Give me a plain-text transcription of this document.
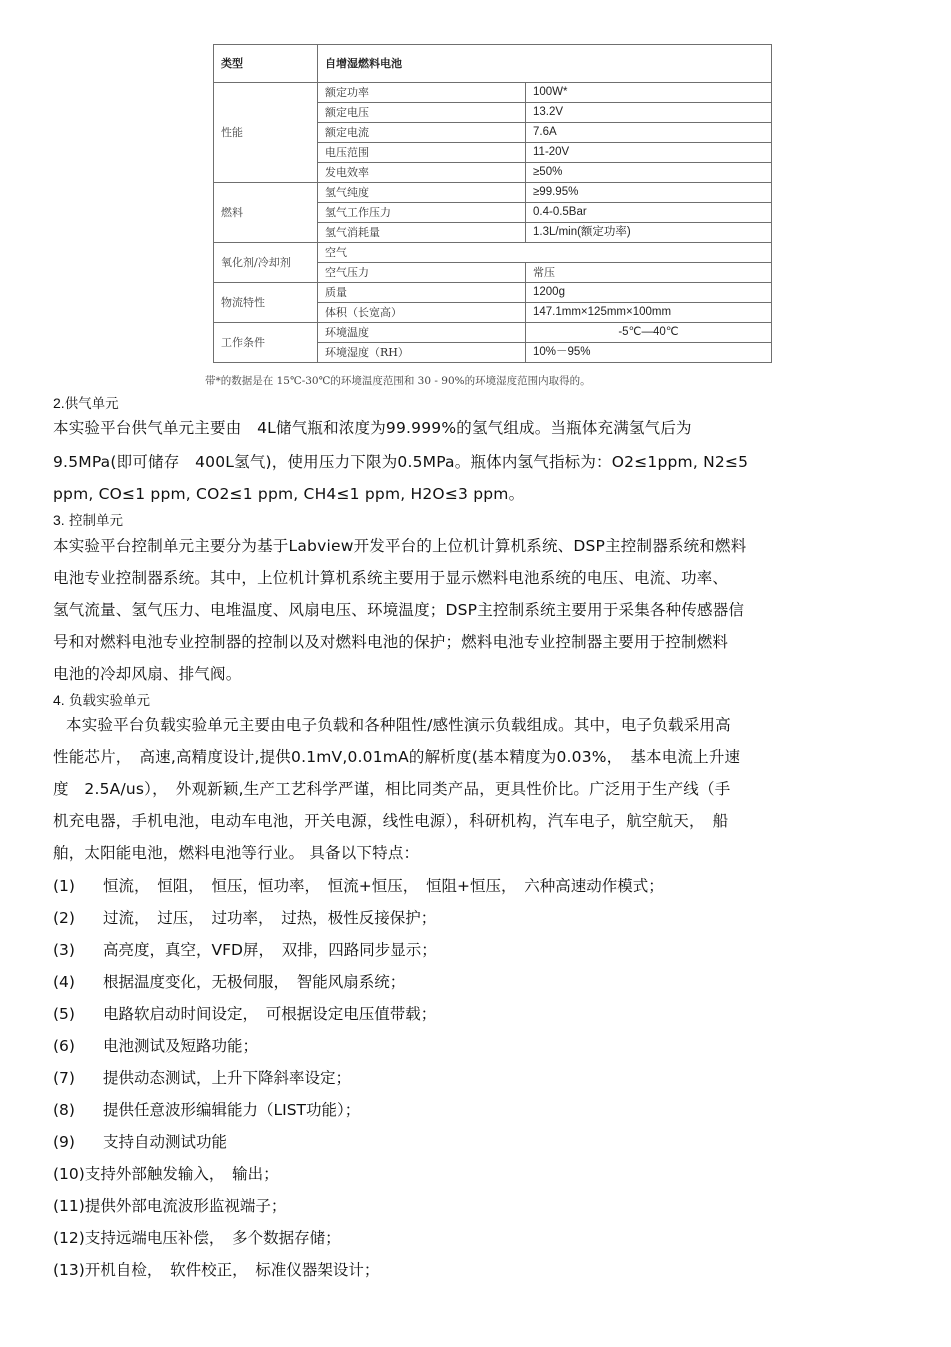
类型	自增湿燃料电池	
性能	额定功率	100W*
	额定电压	13.2V
	额定电流	7.6A
	电压范围	11-20V
	发电效率	≥50%
燃料	氢气纯度	≥99.95%
	氢气工作压力	0.4-0.5Bar
	氢气消耗量	1.3L/min(额定功率)
氧化剂/冷却剂	空气	
	空气压力	常压
物流特性	质量	1200g
	体积（长宽高）	147.1mm×125mm×100mm
工作条件	环境温度	-5℃—40℃
	环境湿度（RH）	10%－95%
带*的数据是在 15℃-30℃的环境温度范围和 30 - 90%的环境湿度范围内取得的。
2.供气单元
本实验平台供气单元主要由　4L储气瓶和浓度为99.999%的氢气组成。当瓶体充满氢气后为
9.5MPa(即可储存　400L氢气)，使用压力下限为0.5MPa。瓶体内氢气指标为：O2≤1ppm, N2≤5
ppm, CO≤1 ppm, CO2≤1 ppm, CH4≤1 ppm, H2O≤3 ppm。
3. 控制单元
本实验平台控制单元主要分为基于Labview开发平台的上位机计算机系统、DSP主控制器系统和燃料
电池专业控制器系统。其中，上位机计算机系统主要用于显示燃料电池系统的电压、电流、功率、
氢气流量、氢气压力、电堆温度、风扇电压、环境温度；DSP主控制系统主要用于采集各种传感器信
号和对燃料电池专业控制器的控制以及对燃料电池的保护；燃料电池专业控制器主要用于控制燃料
电池的冷却风扇、排气阀。
4. 负载实验单元
本实验平台负载实验单元主要由电子负载和各种阻性/感性演示负载组成。其中，电子负载采用高
性能芯片，　高速,高精度设计,提供0.1mV,0.01mA的解析度(基本精度为0.03%，　基本电流上升速
度　2.5A/us），　外观新颖,生产工艺科学严谨，相比同类产品，更具性价比。广泛用于生产线（手
机充电器，手机电池，电动车电池，开关电源，线性电源），科研机构，汽车电子，航空航天，　船
舶，太阳能电池，燃料电池等行业。 具备以下特点：
(1) 恒流，　恒阻，　恒压，恒功率，　恒流+恒压，　恒阻+恒压，　六种高速动作模式；
(2) 过流，　过压，　过功率，　过热，极性反接保护；
(3) 高亮度，真空，VFD屏，　双排，四路同步显示；
(4) 根据温度变化，无极伺服，　智能风扇系统；
(5) 电路软启动时间设定，　可根据设定电压值带载；
(6) 电池测试及短路功能；
(7) 提供动态测试，上升下降斜率设定；
(8) 提供任意波形编辑能力（LIST功能）；
(9) 支持自动测试功能
(10)支持外部触发输入，　输出；
(11)提供外部电流波形监视端子；
(12)支持远端电压补偿，　多个数据存储；
(13)开机自检，　软件校正，　标准仪器架设计；
